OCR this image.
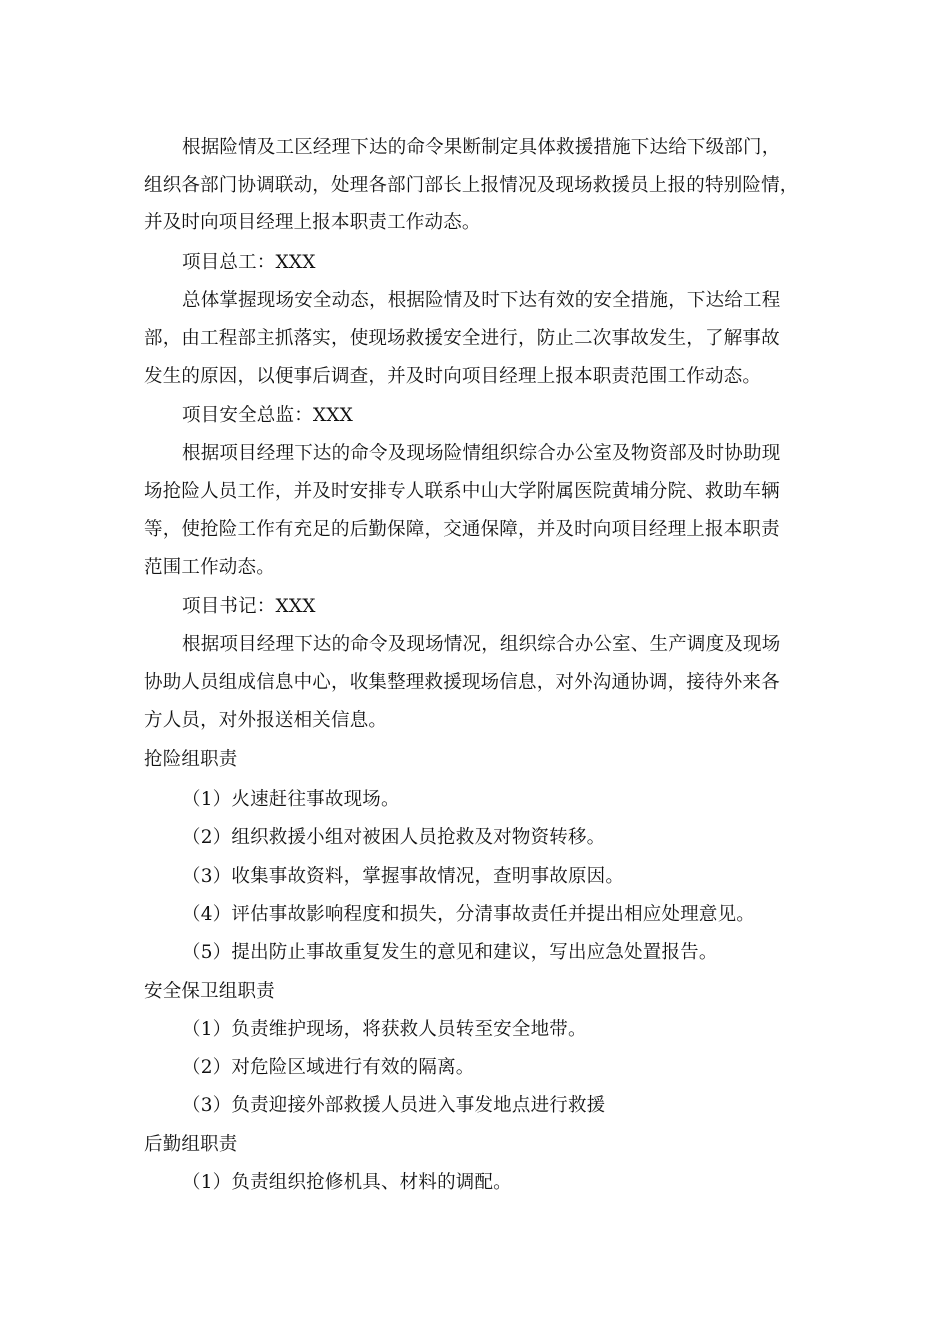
根据险情及工区经理下达的命令果断制定具体救援措施下达给下级部门，
组织各部门协调联动，处理各部门部长上报情况及现场救援员上报的特别险情，
并及时向项目经理上报本职责工作动态。
项目总工：XXX
总体掌握现场安全动态，根据险情及时下达有效的安全措施，下达给工程
部，由工程部主抓落实，使现场救援安全进行，防止二次事故发生，了解事故
发生的原因，以便事后调查，并及时向项目经理上报本职责范围工作动态。
项目安全总监：XXX
根据项目经理下达的命令及现场险情组织综合办公室及物资部及时协助现
场抢险人员工作，并及时安排专人联系中山大学附属医院黄埔分院、救助车辆
等，使抢险工作有充足的后勤保障，交通保障，并及时向项目经理上报本职责
范围工作动态。
项目书记：XXX
根据项目经理下达的命令及现场情况，组织综合办公室、生产调度及现场
协助人员组成信息中心，收集整理救援现场信息，对外沟通协调，接待外来各
方人员，对外报送相关信息。
抢险组职责
（1）火速赶往事故现场。
（2）组织救援小组对被困人员抢救及对物资转移。
（3）收集事故资料，掌握事故情况，查明事故原因。
（4）评估事故影响程度和损失，分清事故责任并提出相应处理意见。
（5）提出防止事故重复发生的意见和建议，写出应急处置报告。
安全保卫组职责
（1）负责维护现场，将获救人员转至安全地带。
（2）对危险区域进行有效的隔离。
（3）负责迎接外部救援人员进入事发地点进行救援
后勤组职责
（1）负责组织抢修机具、材料的调配。
